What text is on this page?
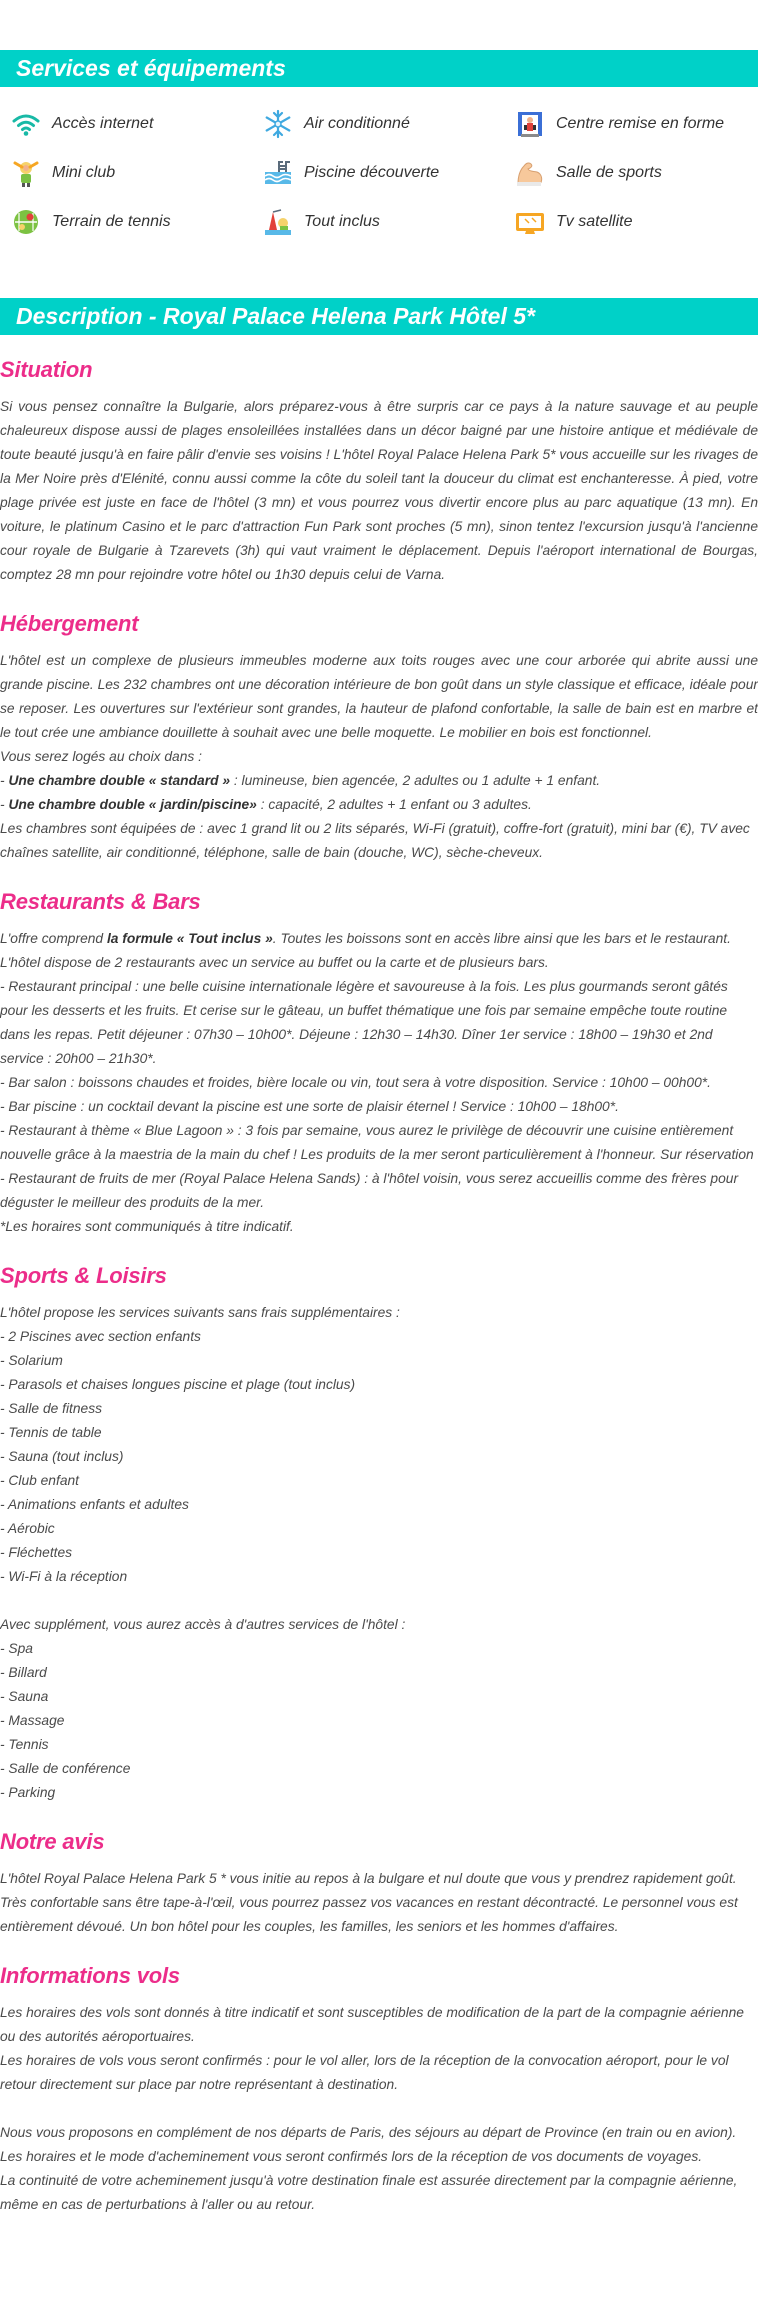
Services et équipements
Accès internet	Air conditionné	Centre remise en forme
Mini club	Piscine découverte	Salle de sports
Terrain de tennis	Tout inclus	Tv satellite
Description - Royal Palace Helena Park Hôtel 5*
Situation
Si vous pensez connaître la Bulgarie, alors préparez-vous à être surpris car ce pays à la nature sauvage et au peuple chaleureux dispose aussi de plages ensoleillées installées dans un décor baigné par une histoire antique et médiévale de toute beauté jusqu'à en faire pâlir d'envie ses voisins ! L'hôtel Royal Palace Helena Park 5* vous accueille sur les rivages de la Mer Noire près d'Elénité, connu aussi comme la côte du soleil tant la douceur du climat est enchanteresse. À pied, votre plage privée est juste en face de l'hôtel (3 mn) et vous pourrez vous divertir encore plus au parc aquatique (13 mn). En voiture, le platinum Casino et le parc d'attraction Fun Park sont proches (5 mn), sinon tentez l'excursion jusqu'à l'ancienne cour royale de Bulgarie à Tzarevets (3h) qui vaut vraiment le déplacement. Depuis l'aéroport international de Bourgas, comptez 28 mn pour rejoindre votre hôtel ou 1h30 depuis celui de Varna.
Hébergement
L'hôtel est un complexe de plusieurs immeubles moderne aux toits rouges avec une cour arborée qui abrite aussi une grande piscine. Les 232 chambres ont une décoration intérieure de bon goût dans un style classique et efficace, idéale pour se reposer. Les ouvertures sur l'extérieur sont grandes, la hauteur de plafond confortable, la salle de bain est en marbre et le tout crée une ambiance douillette à souhait avec une belle moquette. Le mobilier en bois est fonctionnel.
Vous serez logés au choix dans :
- Une chambre double « standard » : lumineuse, bien agencée, 2 adultes ou 1 adulte + 1 enfant.
- Une chambre double « jardin/piscine» : capacité, 2 adultes + 1 enfant ou 3 adultes.
Les chambres sont équipées de : avec 1 grand lit ou 2 lits séparés, Wi-Fi (gratuit), coffre-fort (gratuit), mini bar (€), TV avec chaînes satellite, air conditionné, téléphone, salle de bain (douche, WC), sèche-cheveux.
Restaurants & Bars
L'offre comprend la formule « Tout inclus ». Toutes les boissons sont en accès libre ainsi que les bars et le restaurant.
L'hôtel dispose de 2 restaurants avec un service au buffet ou la carte et de plusieurs bars.
- Restaurant principal : une belle cuisine internationale légère et savoureuse à la fois. Les plus gourmands seront gâtés pour les desserts et les fruits. Et cerise sur le gâteau, un buffet thématique une fois par semaine empêche toute routine dans les repas. Petit déjeuner : 07h30 – 10h00*. Déjeune : 12h30 – 14h30. Dîner 1er service : 18h00 – 19h30 et 2nd service : 20h00 – 21h30*.
- Bar salon : boissons chaudes et froides, bière locale ou vin, tout sera à votre disposition. Service : 10h00 – 00h00*.
- Bar piscine : un cocktail devant la piscine est une sorte de plaisir éternel ! Service : 10h00 – 18h00*.
- Restaurant à thème « Blue Lagoon » : 3 fois par semaine, vous aurez le privilège de découvrir une cuisine entièrement nouvelle grâce à la maestria de la main du chef ! Les produits de la mer seront particulièrement à l'honneur. Sur réservation
- Restaurant de fruits de mer (Royal Palace Helena Sands) : à l'hôtel voisin, vous serez accueillis comme des frères pour déguster le meilleur des produits de la mer.
*Les horaires sont communiqués à titre indicatif.
Sports & Loisirs
L'hôtel propose les services suivants sans frais supplémentaires :
- 2 Piscines avec section enfants
- Solarium
- Parasols et chaises longues piscine et plage (tout inclus)
- Salle de fitness
- Tennis de table
- Sauna (tout inclus)
- Club enfant
- Animations enfants et adultes
- Aérobic
- Fléchettes
- Wi-Fi à la réception
Avec supplément, vous aurez accès à d'autres services de l'hôtel :
- Spa
- Billard
- Sauna
- Massage
- Tennis
- Salle de conférence
- Parking
Notre avis
L'hôtel Royal Palace Helena Park 5 * vous initie au repos à la bulgare et nul doute que vous y prendrez rapidement goût. Très confortable sans être tape-à-l'œil, vous pourrez passez vos vacances en restant décontracté. Le personnel vous est entièrement dévoué. Un bon hôtel pour les couples, les familles, les seniors et les hommes d'affaires.
Informations vols
Les horaires des vols sont donnés à titre indicatif et sont susceptibles de modification de la part de la compagnie aérienne ou des autorités aéroportuaires.
Les horaires de vols vous seront confirmés : pour le vol aller, lors de la réception de la convocation aéroport, pour le vol retour directement sur place par notre représentant à destination.
Nous vous proposons en complément de nos départs de Paris, des séjours au départ de Province (en train ou en avion).
Les horaires et le mode d'acheminement vous seront confirmés lors de la réception de vos documents de voyages.
La continuité de votre acheminement jusqu'à votre destination finale est assurée directement par la compagnie aérienne, même en cas de perturbations à l'aller ou au retour.
